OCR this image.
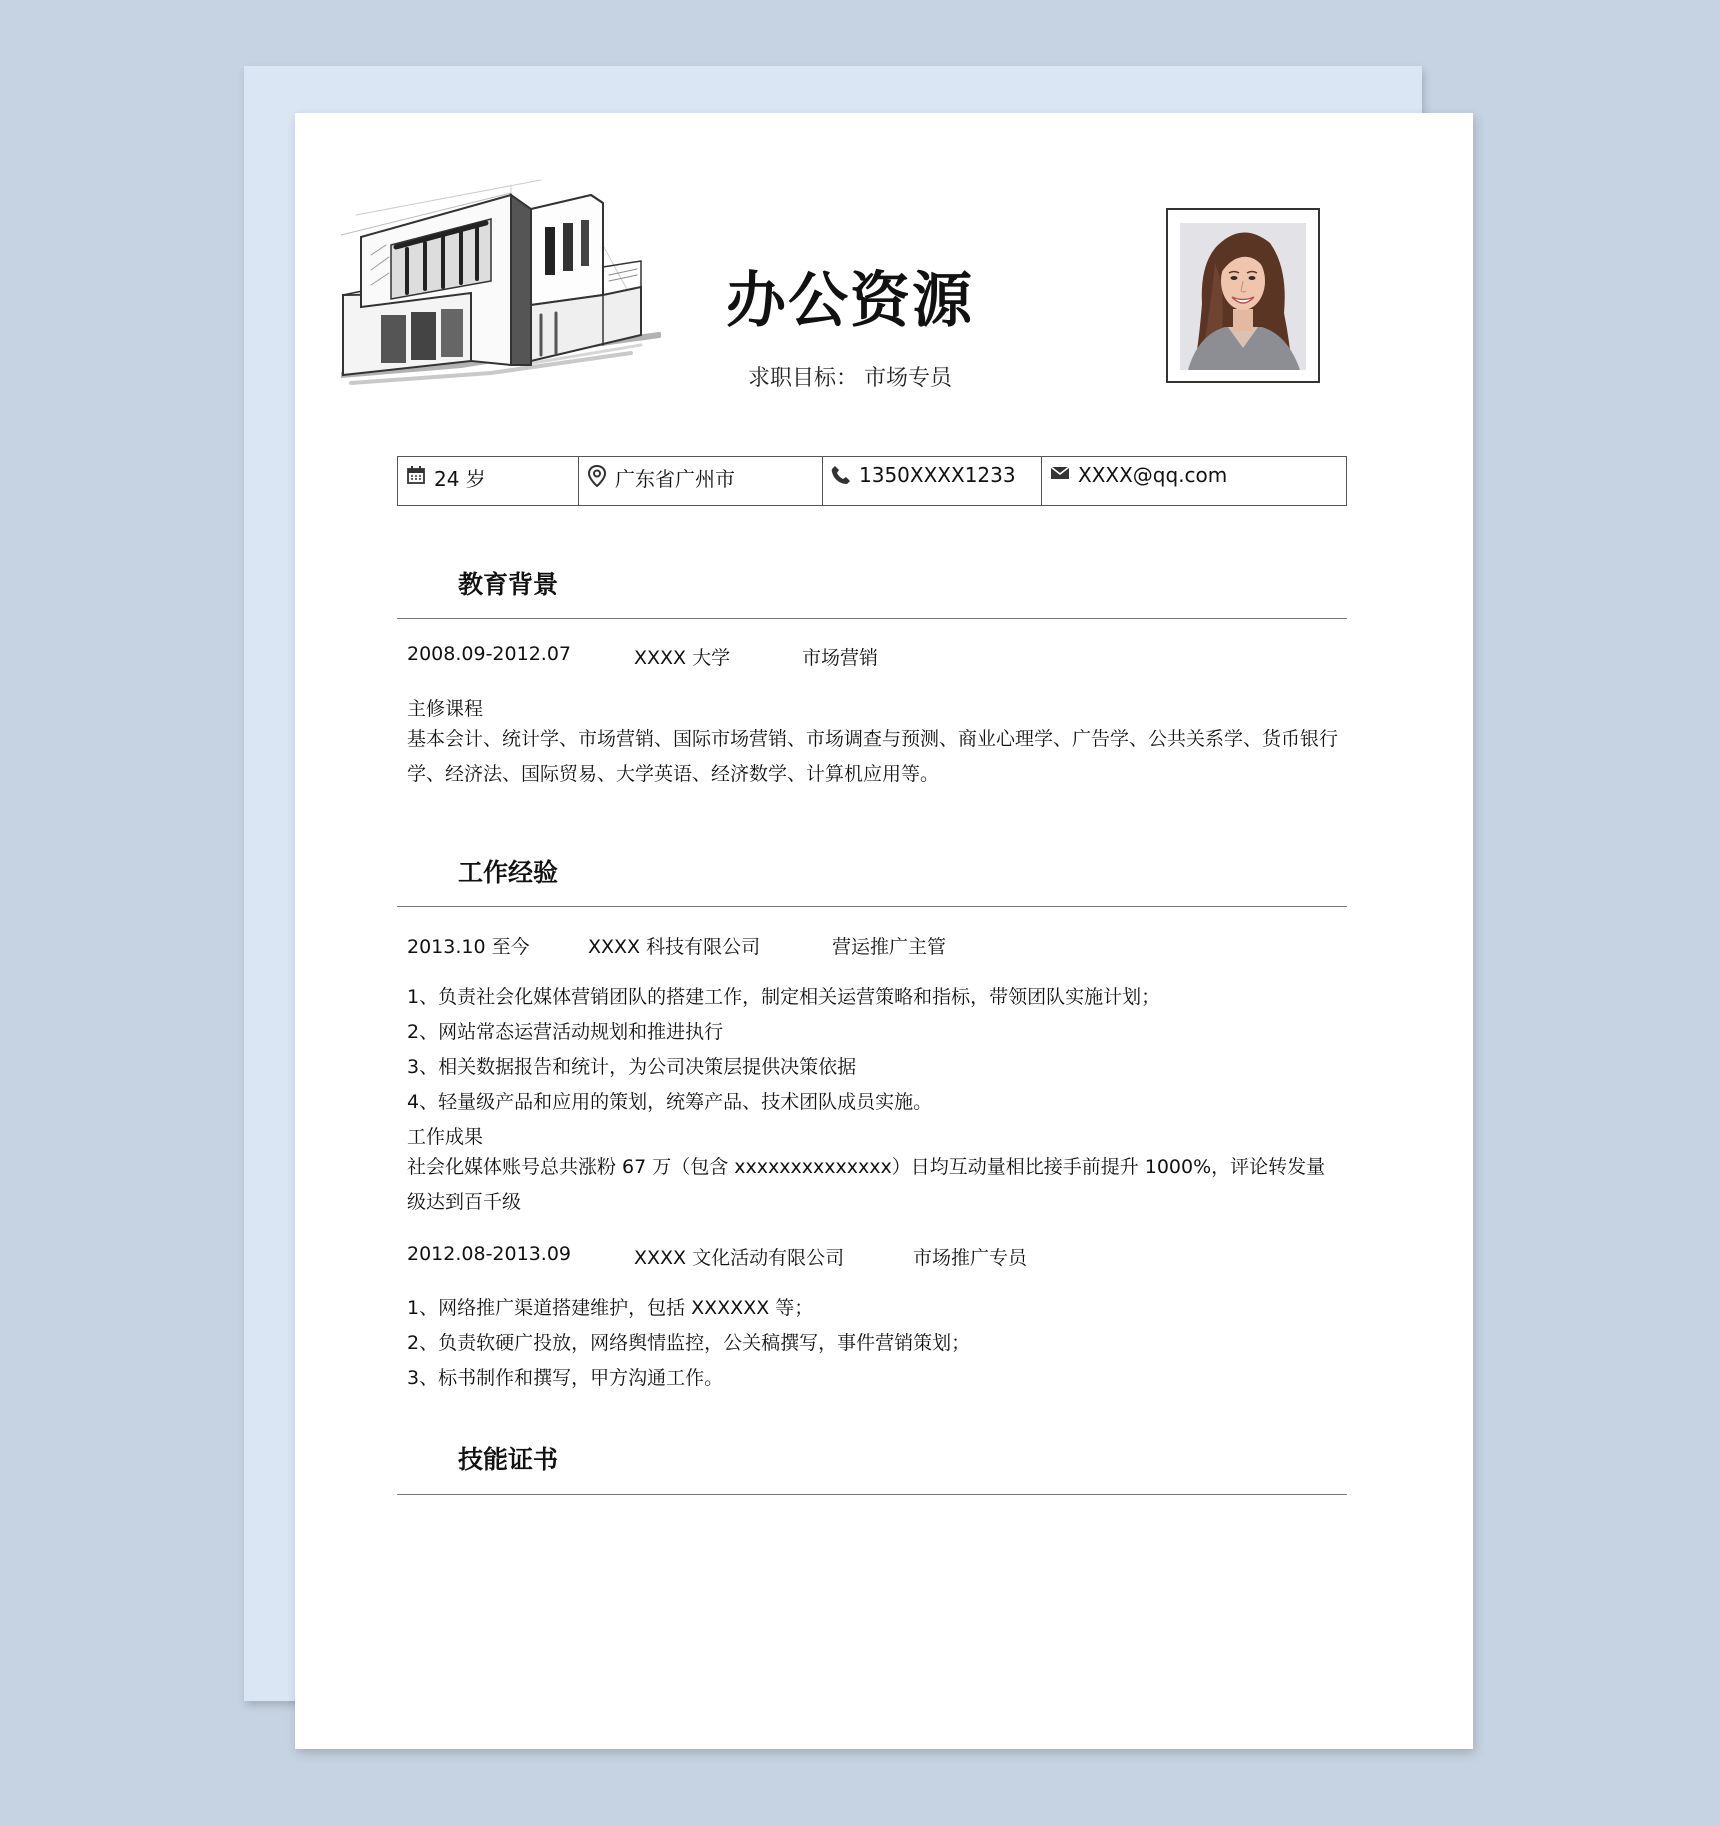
办公资源
求职目标： 市场专员
24 岁	广东省广州市	1350XXXX1233	XXXX@qq.com
教育背景
2008.09-2012.07	XXXX 大学	市场营销
主修课程
基本会计、统计学、市场营销、国际市场营销、市场调查与预测、商业心理学、广告学、公共关系学、货币银行学、经济法、国际贸易、大学英语、经济数学、计算机应用等。
工作经验
2013.10 至今	XXXX 科技有限公司	营运推广主管
1、负责社会化媒体营销团队的搭建工作，制定相关运营策略和指标，带领团队实施计划；
2、网站常态运营活动规划和推进执行
3、相关数据报告和统计，为公司决策层提供决策依据
4、轻量级产品和应用的策划，统筹产品、技术团队成员实施。
工作成果
社会化媒体账号总共涨粉 67 万（包含 xxxxxxxxxxxxxx）日均互动量相比接手前提升 1000%，评论转发量级达到百千级
2012.08-2013.09	XXXX 文化活动有限公司	市场推广专员
1、网络推广渠道搭建维护，包括 XXXXXX 等；
2、负责软硬广投放，网络舆情监控，公关稿撰写，事件营销策划；
3、标书制作和撰写，甲方沟通工作。
技能证书
